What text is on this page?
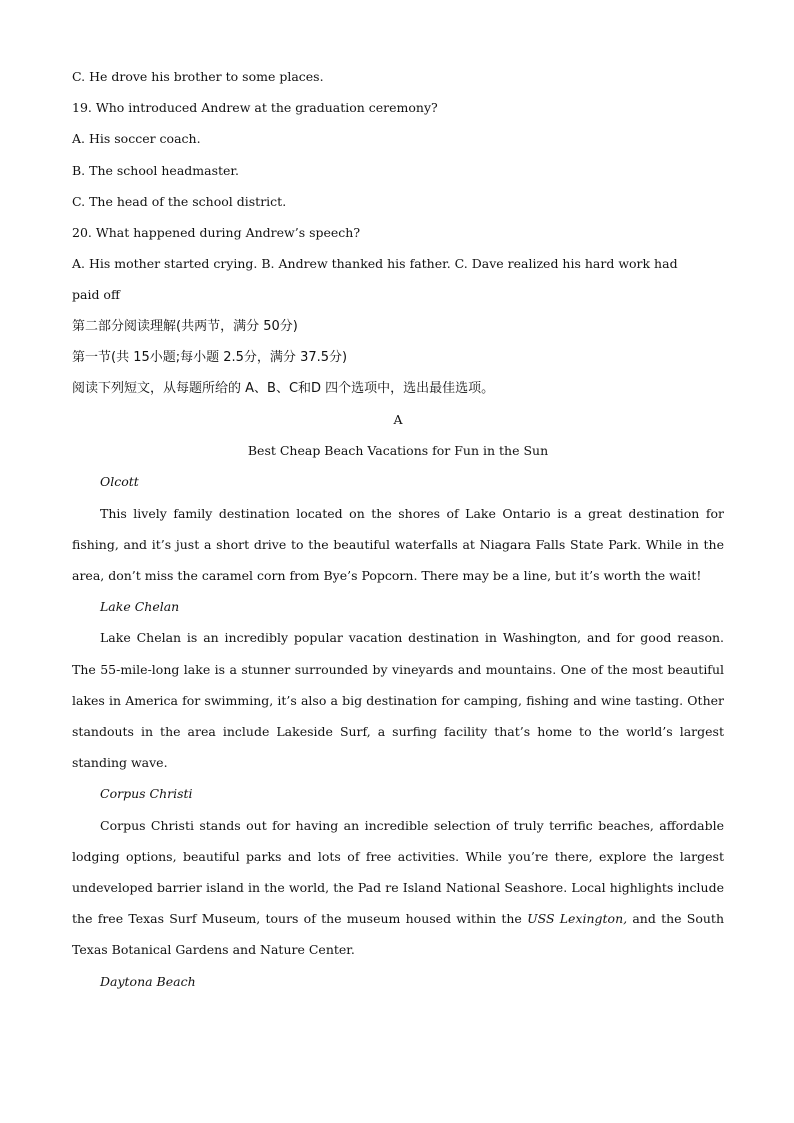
C. He drove his brother to some places.
19. Who introduced Andrew at the graduation ceremony?
A. His soccer coach.
B. The school headmaster.
C. The head of the school district.
20. What happened during Andrew’s speech?
A. His mother started crying. B. Andrew thanked his father. C. Dave realized his hard work had
paid off
第二部分阅读理解(共两节，满分 50分)
第一节(共 15小题;每小题 2.5分，满分 37.5分)
阅读下列短文，从每题所给的 A、B、C和D 四个选项中，选出最佳选项。
A
Best Cheap Beach Vacations for Fun in the Sun
Olcott

This lively family destination located on the shores of Lake Ontario is a great destination for fishing, and it’s just a short drive to the beautiful waterfalls at Niagara Falls State Park. While in the area, don’t miss the caramel corn from Bye’s Popcorn. There may be a line, but it’s worth the wait!

Lake Chelan

Lake Chelan is an incredibly popular vacation destination in Washington, and for good reason. The 55-mile-long lake is a stunner surrounded by vineyards and mountains. One of the most beautiful lakes in America for swimming, it’s also a big destination for camping, fishing and wine tasting. Other standouts in the area include Lakeside Surf, a surfing facility that’s home to the world’s largest standing wave.

Corpus Christi

Corpus Christi stands out for having an incredible selection of truly terrific beaches, affordable lodging options, beautiful parks and lots of free activities. While you’re there, explore the largest undeveloped barrier island in the world, the Pad re Island National Seashore. Local highlights include the free Texas Surf Museum, tours of the museum housed within the USS Lexington, and the South Texas Botanical Gardens and Nature Center.

Daytona Beach
